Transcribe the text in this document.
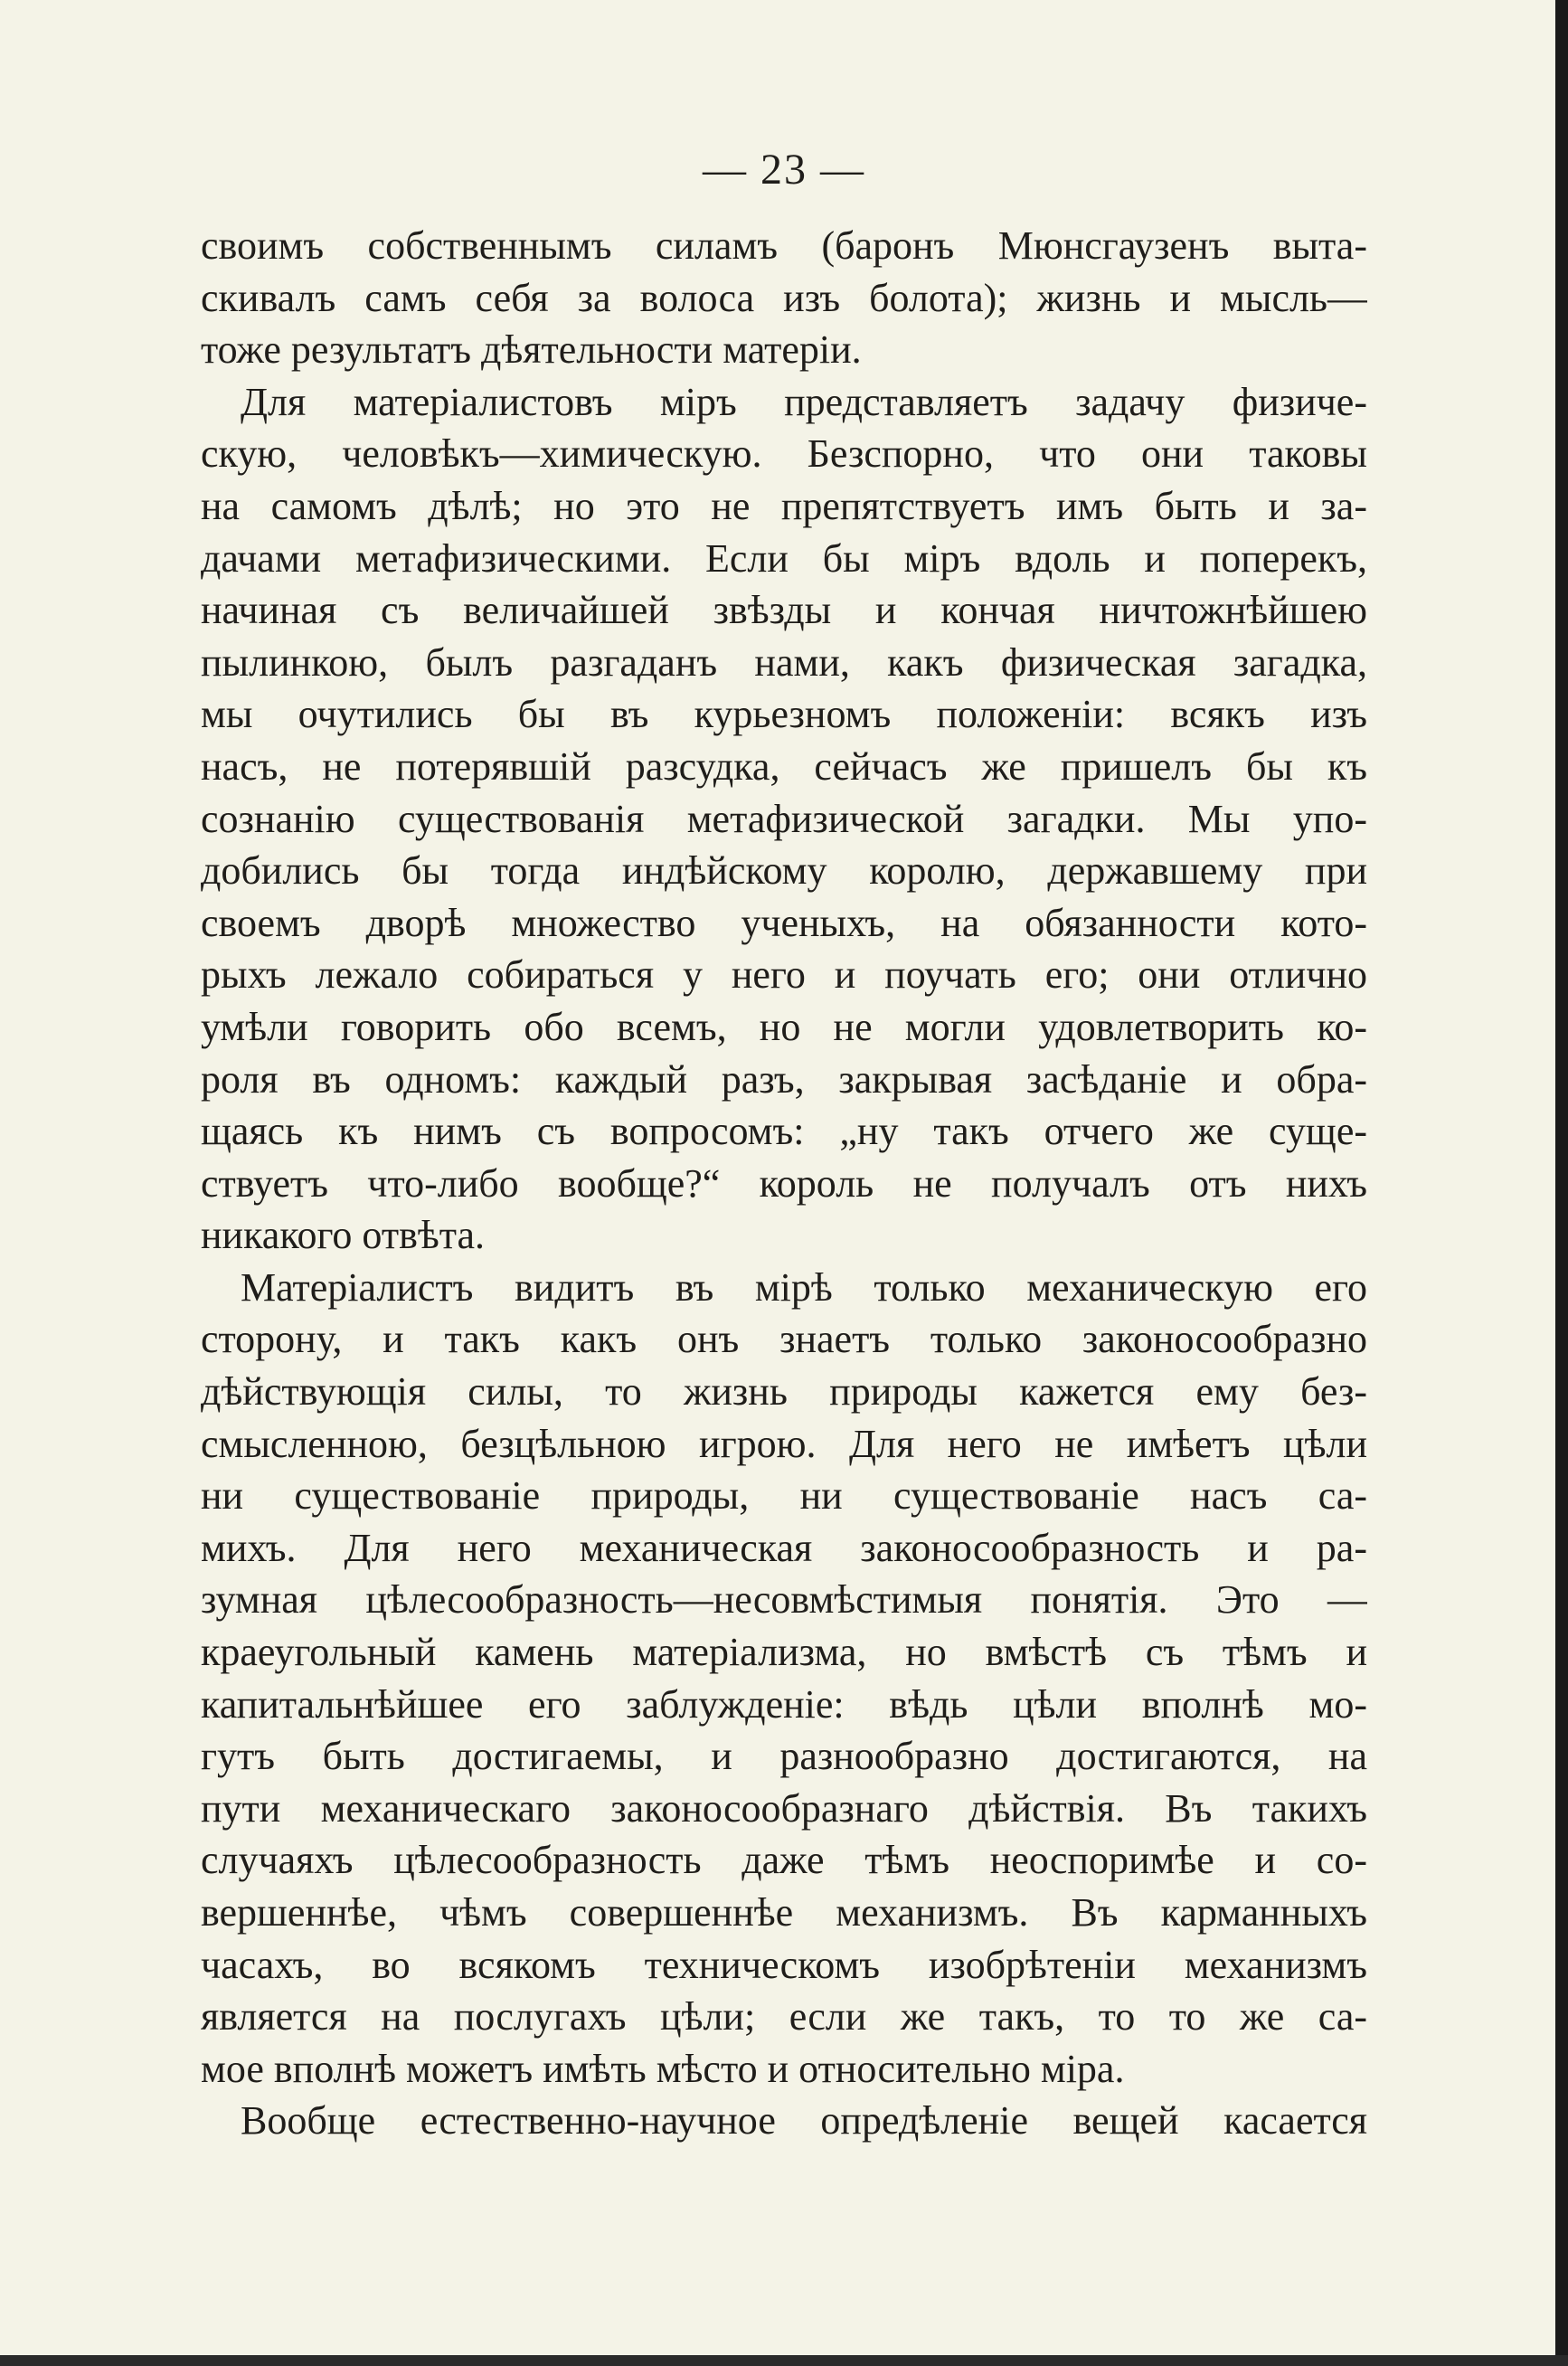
— 23 —
своимъ собственнымъ силамъ (баронъ Мюнсгаузенъ выта-
скивалъ самъ себя за волоса изъ болота); жизнь и мысль—
тоже результатъ дѣятельности матеріи.
Для матеріалистовъ міръ представляетъ задачу физиче-
скую, человѣкъ—химическую. Безспорно, что они таковы
на самомъ дѣлѣ; но это не препятствуетъ имъ быть и за-
дачами метафизическими. Если бы міръ вдоль и поперекъ,
начиная съ величайшей звѣзды и кончая ничтожнѣйшею
пылинкою, былъ разгаданъ нами, какъ физическая загадка,
мы очутились бы въ курьезномъ положеніи: всякъ изъ
насъ, не потерявшій разсудка, сейчасъ же пришелъ бы къ
сознанію существованія метафизической загадки. Мы упо-
добились бы тогда индѣйскому королю, державшему при
своемъ дворѣ множество ученыхъ, на обязанности кото-
рыхъ лежало собираться у него и поучать его; они отлично
умѣли говорить обо всемъ, но не могли удовлетворить ко-
роля въ одномъ: каждый разъ, закрывая засѣданіе и обра-
щаясь къ нимъ съ вопросомъ: „ну такъ отчего же суще-
ствуетъ что-либо вообще?“ король не получалъ отъ нихъ
никакого отвѣта.
Матеріалистъ видитъ въ мірѣ только механическую его
сторону, и такъ какъ онъ знаетъ только законосообразно
дѣйствующія силы, то жизнь природы кажется ему без-
смысленною, безцѣльною игрою. Для него не имѣетъ цѣли
ни существованіе природы, ни существованіе насъ са-
михъ. Для него механическая законосообразность и ра-
зумная цѣлесообразность—несовмѣстимыя понятія. Это —
краеугольный камень матеріализма, но вмѣстѣ съ тѣмъ и
капитальнѣйшее его заблужденіе: вѣдь цѣли вполнѣ мо-
гутъ быть достигаемы, и разнообразно достигаются, на
пути механическаго законосообразнаго дѣйствія. Въ такихъ
случаяхъ цѣлесообразность даже тѣмъ неоспоримѣе и со-
вершеннѣе, чѣмъ совершеннѣе механизмъ. Въ карманныхъ
часахъ, во всякомъ техническомъ изобрѣтеніи механизмъ
является на послугахъ цѣли; если же такъ, то то же са-
мое вполнѣ можетъ имѣть мѣсто и относительно міра.
Вообще естественно-научное опредѣленіе вещей касается
